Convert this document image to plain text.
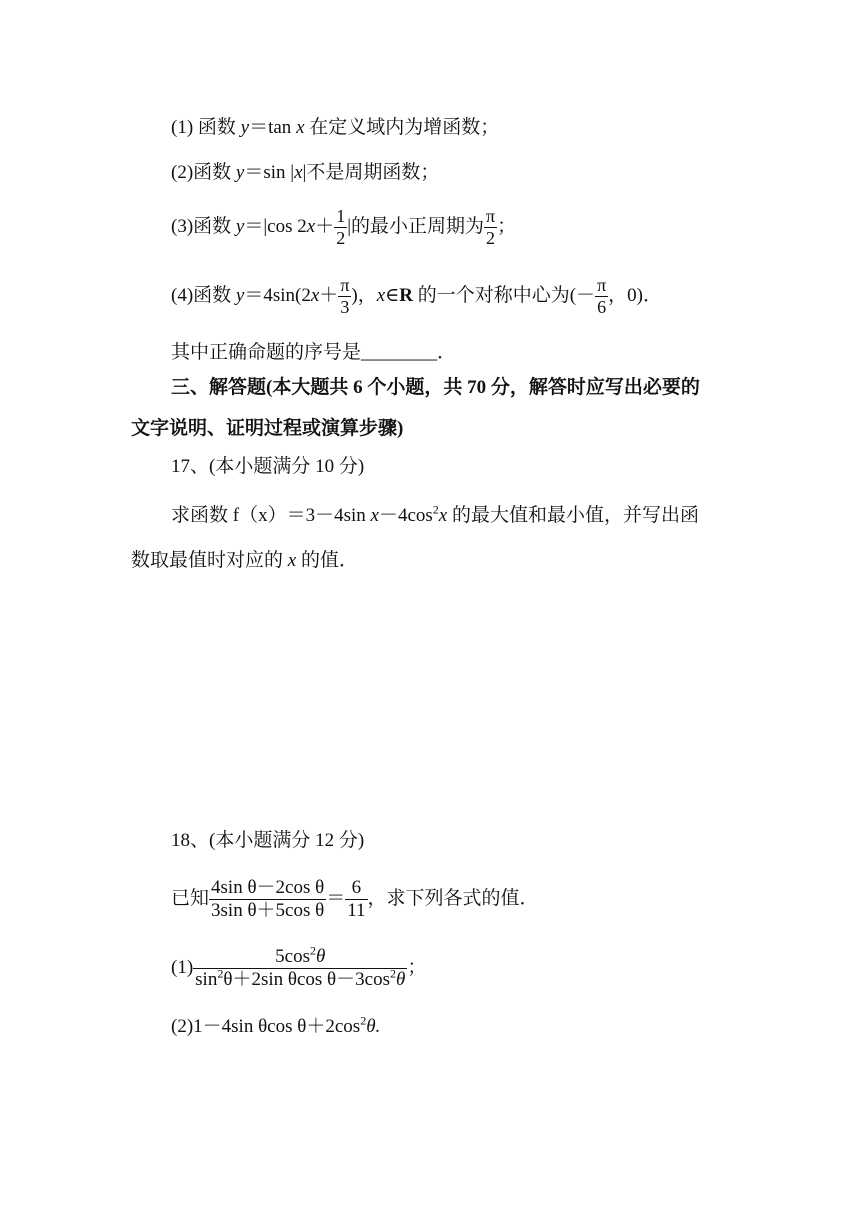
(1) 函数 y＝tan x 在定义域内为增函数；
(2)函数 y＝sin |x|不是周期函数；
(3)函数 y＝|cos $2x+ \frac{1}{2}$ |的最小正周期为 $\frac{\pi}{2}$ ；
(4)函数 $y=4\sin(2x+ \frac{\pi}{3}$ )，x∈R 的一个对称中心为(－ $\frac{\pi}{6}$ ，0)．
其中正确命题的序号是________．
三、解答题(本大题共 6 个小题，共 70 分，解答时应写出必要的
文字说明、证明过程或演算步骤)
17、(本小题满分 10 分)
求函数 f（x）＝3－4sin $x-4\cos^2x$ 的最大值和最小值，并写出函
数取最值时对应的 x 的值．
18、(本小题满分 12 分)
已知 $\frac{\text{4sin θ－2cos θ}}{\text{3sin θ＋5cos θ}} = \frac{6}{11}$ ，求下列各式的值．
$(1) \frac{5\cos^2\theta}{\sin^2\theta+2\sin \theta\cos \theta-3\cos^2\theta}$ ；
(2)1－4sin θcos $\theta+2\cos^2\theta$.
